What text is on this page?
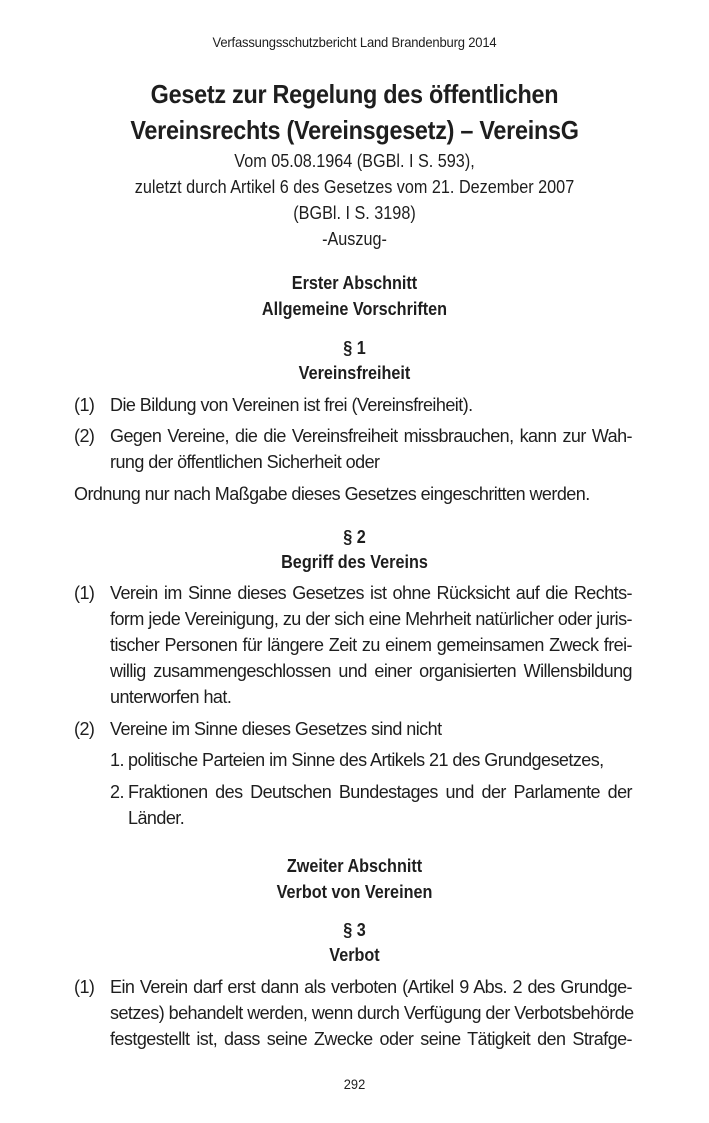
Verfassungsschutzbericht Land Brandenburg 2014
Gesetz zur Regelung des öffentlichen
Vereinsrechts (Vereinsgesetz) – VereinsG
Vom 05.08.1964 (BGBl. I S. 593),
zuletzt durch Artikel 6 des Gesetzes vom 21. Dezember 2007
(BGBl. I S. 3198)
-Auszug-
Erster Abschnitt
Allgemeine Vorschriften
§ 1
Vereinsfreiheit
(1) Die Bildung von Vereinen ist frei (Vereinsfreiheit).
(2) Gegen Vereine, die die Vereinsfreiheit missbrauchen, kann zur Wah-
rung der öffentlichen Sicherheit oder
Ordnung nur nach Maßgabe dieses Gesetzes eingeschritten werden.
§ 2
Begriff des Vereins
(1) Verein im Sinne dieses Gesetzes ist ohne Rücksicht auf die Rechts-
form jede Vereinigung, zu der sich eine Mehrheit natürlicher oder juris-
tischer Personen für längere Zeit zu einem gemeinsamen Zweck frei-
willig zusammengeschlossen und einer organisierten Willensbildung
unterworfen hat.
(2) Vereine im Sinne dieses Gesetzes sind nicht
1. politische Parteien im Sinne des Artikels 21 des Grundgesetzes,
2. Fraktionen des Deutschen Bundestages und der Parlamente der
Länder.
Zweiter Abschnitt
Verbot von Vereinen
§ 3
Verbot
(1) Ein Verein darf erst dann als verboten (Artikel 9 Abs. 2 des Grundge-
setzes) behandelt werden, wenn durch Verfügung der Verbotsbehörde
festgestellt ist, dass seine Zwecke oder seine Tätigkeit den Strafge-
292
